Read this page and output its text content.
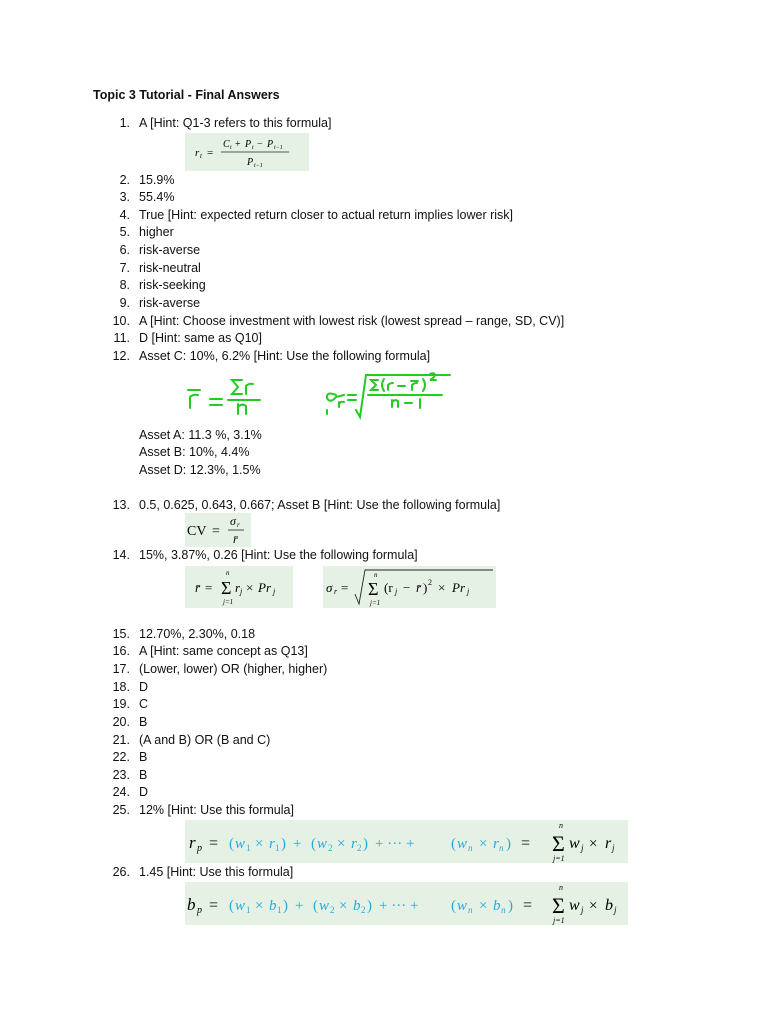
Topic 3 Tutorial - Final Answers
1. A [Hint: Q1-3 refers to this formula]
r t =
C t + P t − P t−1
P t−1
2. 15.9%
3. 55.4%
4. True [Hint: expected return closer to actual return implies lower risk]
5. higher
6. risk-averse
7. risk-neutral
8. risk-seeking
9. risk-averse
10. A [Hint: Choose investment with lowest risk (lowest spread – range, SD, CV)]
11. D [Hint: same as Q10]
12. Asset C: 10%, 6.2% [Hint: Use the following formula]
Asset A: 11.3 %, 3.1%
Asset B: 10%, 4.4%
Asset D: 12.3%, 1.5%
13. 0.5, 0.625, 0.643, 0.667; Asset B [Hint: Use the following formula]
CV =
σ r
r̄
14. 15%, 3.87%, 0.26 [Hint: Use the following formula]
r̄ =
n
Σ
j=1
r j × Pr j	σ r =
n
Σ
j=1
(r j − r̄ ) 2 × Pr j
15. 12.70%, 2.30%, 0.18
16. A [Hint: same concept as Q13]
17. (Lower, lower) OR (higher, higher)
18. D
19. C
20. B
21. (A and B) OR (B and C)
22. B
23. B
24. D
25. 12% [Hint: Use this formula]
r p = ( w 1 × r 1 ) + ( w 2 × r 2 ) + ··· + ( w n × r n ) =
n
Σ
j=1
w j × r j
26. 1.45 [Hint: Use this formula]
b p = ( w 1 × b 1 ) + ( w 2 × b 2 ) + ··· + ( w n × b n ) =
n
Σ
j=1
w j × b j
